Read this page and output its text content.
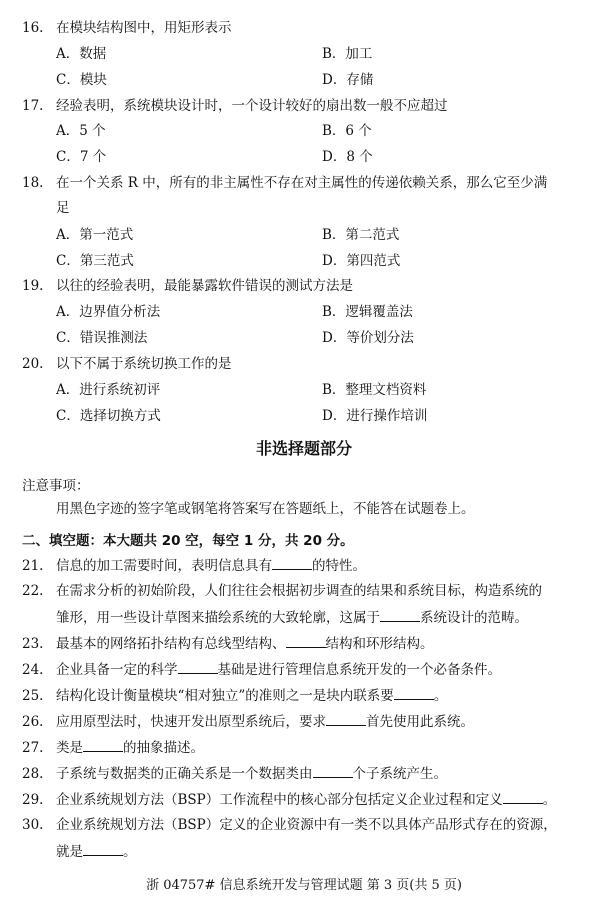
16. 在模块结构图中，用矩形表示
A．数据	B．加工
C．模块	D．存储
17. 经验表明，系统模块设计时，一个设计较好的扇出数一般不应超过
A．5 个	B．6 个
C．7 个	D．8 个
18. 在一个关系 R 中，所有的非主属性不存在对主属性的传递依赖关系，那么它至少满
足
A．第一范式	B．第二范式
C．第三范式	D．第四范式
19. 以往的经验表明，最能暴露软件错误的测试方法是
A．边界值分析法	B．逻辑覆盖法
C．错误推测法	D．等价划分法
20. 以下不属于系统切换工作的是
A．进行系统初评	B．整理文档资料
C．选择切换方式	D．进行操作培训
非选择题部分
注意事项：
用黑色字迹的签字笔或钢笔将答案写在答题纸上，不能答在试题卷上。
二、填空题：本大题共 20 空，每空 1 分，共 20 分。
21. 信息的加工需要时间，表明信息具有	的特性。
22. 在需求分析的初始阶段，人们往往会根据初步调查的结果和系统目标，构造系统的
雏形，用一些设计草图来描绘系统的大致轮廓，这属于	系统设计的范畴。
23. 最基本的网络拓扑结构有总线型结构、	结构和环形结构。
24. 企业具备一定的科学	基础是进行管理信息系统开发的一个必备条件。
25. 结构化设计衡量模块“相对独立”的准则之一是块内联系要	。
26. 应用原型法时，快速开发出原型系统后，要求	首先使用此系统。
27. 类是	的抽象描述。
28. 子系统与数据类的正确关系是一个数据类由	个子系统产生。
29. 企业系统规划方法（BSP）工作流程中的核心部分包括定义企业过程和定义	。
30. 企业系统规划方法（BSP）定义的企业资源中有一类不以具体产品形式存在的资源，
就是	。
浙 04757# 信息系统开发与管理试题 第 3 页(共 5 页)
